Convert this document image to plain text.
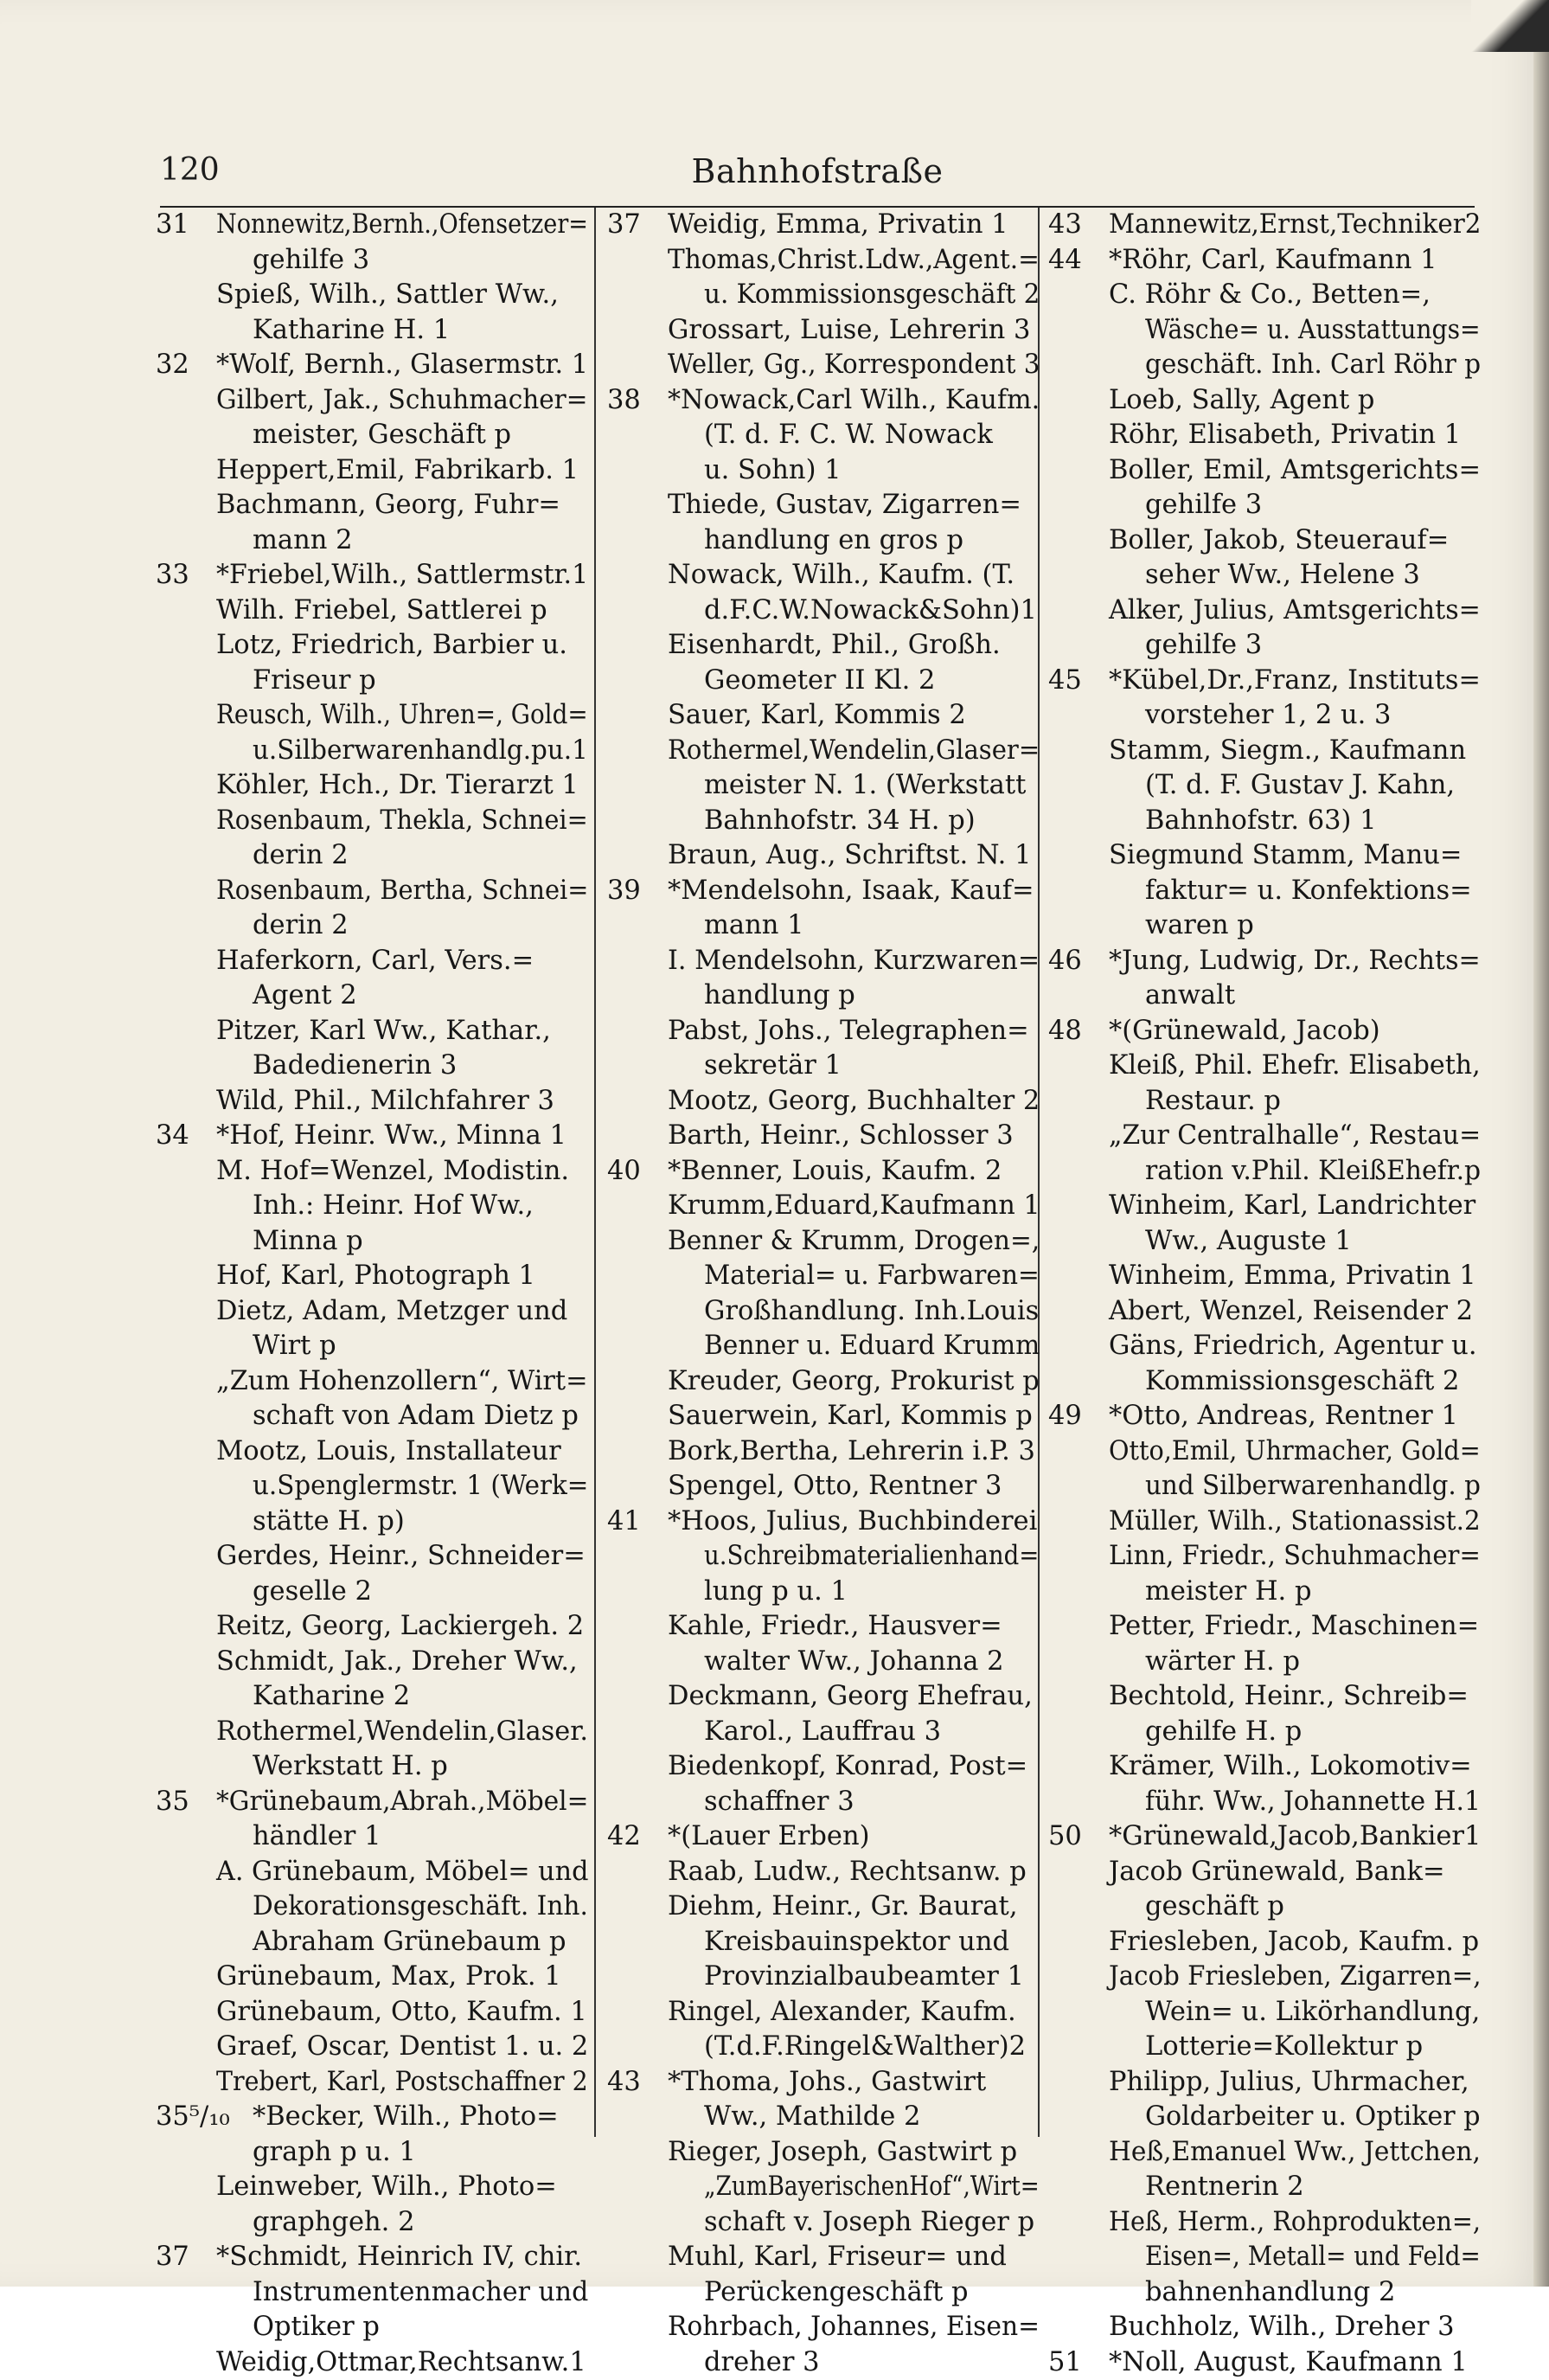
120	Bahnhofstraße
31	Nonnewitz,Bernh.,Ofensetzer=
gehilfe 3
Spieß, Wilh., Sattler Ww.,
Katharine H. 1
32	*Wolf, Bernh., Glasermstr. 1
Gilbert, Jak., Schuhmacher=
meister, Geschäft p
Heppert,Emil, Fabrikarb. 1
Bachmann, Georg, Fuhr=
mann 2
33	*Friebel,Wilh., Sattlermstr.1
Wilh. Friebel, Sattlerei p
Lotz, Friedrich, Barbier u.
Friseur p
Reusch, Wilh., Uhren=, Gold=
u.Silberwarenhandlg.pu.1
Köhler, Hch., Dr. Tierarzt 1
Rosenbaum, Thekla, Schnei=
derin 2
Rosenbaum, Bertha, Schnei=
derin 2
Haferkorn, Carl, Vers.=
Agent 2
Pitzer, Karl Ww., Kathar.,
Badedienerin 3
Wild, Phil., Milchfahrer 3
34	*Hof, Heinr. Ww., Minna 1
M. Hof=Wenzel, Modistin.
Inh.: Heinr. Hof Ww.,
Minna p
Hof, Karl, Photograph 1
Dietz, Adam, Metzger und
Wirt p
„Zum Hohenzollern“, Wirt=
schaft von Adam Dietz p
Mootz, Louis, Installateur
u.Spenglermstr. 1 (Werk=
stätte H. p)
Gerdes, Heinr., Schneider=
geselle 2
Reitz, Georg, Lackiergeh. 2
Schmidt, Jak., Dreher Ww.,
Katharine 2
Rothermel,Wendelin,Glaser.
Werkstatt H. p
35	*Grünebaum,Abrah.,Möbel=
händler 1
A. Grünebaum, Möbel= und
Dekorationsgeschäft. Inh.
Abraham Grünebaum p
Grünebaum, Max, Prok. 1
Grünebaum, Otto, Kaufm. 1
Graef, Oscar, Dentist 1. u. 2
Trebert, Karl, Postschaffner 2
35⁵/₁₀ *Becker, Wilh., Photo=
graph p u. 1
Leinweber, Wilh., Photo=
graphgeh. 2
37	*Schmidt, Heinrich IV, chir.
Instrumentenmacher und
Optiker p
Weidig,Ottmar,Rechtsanw.1
37	Weidig, Emma, Privatin 1
Thomas,Christ.Ldw.,Agent.=
u. Kommissionsgeschäft 2
Grossart, Luise, Lehrerin 3
Weller, Gg., Korrespondent 3
38	*Nowack,Carl Wilh., Kaufm.
(T. d. F. C. W. Nowack
u. Sohn) 1
Thiede, Gustav, Zigarren=
handlung en gros p
Nowack, Wilh., Kaufm. (T.
d.F.C.W.Nowack&Sohn)1
Eisenhardt, Phil., Großh.
Geometer II Kl. 2
Sauer, Karl, Kommis 2
Rothermel,Wendelin,Glaser=
meister N. 1. (Werkstatt
Bahnhofstr. 34 H. p)
Braun, Aug., Schriftst. N. 1
39	*Mendelsohn, Isaak, Kauf=
mann 1
I. Mendelsohn, Kurzwaren=
handlung p
Pabst, Johs., Telegraphen=
sekretär 1
Mootz, Georg, Buchhalter 2
Barth, Heinr., Schlosser 3
40	*Benner, Louis, Kaufm. 2
Krumm,Eduard,Kaufmann 1
Benner & Krumm, Drogen=,
Material= u. Farbwaren=
Großhandlung. Inh.Louis
Benner u. Eduard Krumm
Kreuder, Georg, Prokurist p
Sauerwein, Karl, Kommis p
Bork,Bertha, Lehrerin i.P. 3
Spengel, Otto, Rentner 3
41	*Hoos, Julius, Buchbinderei
u.Schreibmaterialienhand=
lung p u. 1
Kahle, Friedr., Hausver=
walter Ww., Johanna 2
Deckmann, Georg Ehefrau,
Karol., Lauffrau 3
Biedenkopf, Konrad, Post=
schaffner 3
42	*(Lauer Erben)
Raab, Ludw., Rechtsanw. p
Diehm, Heinr., Gr. Baurat,
Kreisbauinspektor und
Provinzialbaubeamter 1
Ringel, Alexander, Kaufm.
(T.d.F.Ringel&Walther)2
43	*Thoma, Johs., Gastwirt
Ww., Mathilde 2
Rieger, Joseph, Gastwirt p
„ZumBayerischenHof“,Wirt=
schaft v. Joseph Rieger p
Muhl, Karl, Friseur= und
Perückengeschäft p
Rohrbach, Johannes, Eisen=
dreher 3
43	Mannewitz,Ernst,Techniker2
44	*Röhr, Carl, Kaufmann 1
C. Röhr & Co., Betten=,
Wäsche= u. Ausstattungs=
geschäft. Inh. Carl Röhr p
Loeb, Sally, Agent p
Röhr, Elisabeth, Privatin 1
Boller, Emil, Amtsgerichts=
gehilfe 3
Boller, Jakob, Steuerauf=
seher Ww., Helene 3
Alker, Julius, Amtsgerichts=
gehilfe 3
45	*Kübel,Dr.,Franz, Instituts=
vorsteher 1, 2 u. 3
Stamm, Siegm., Kaufmann
(T. d. F. Gustav J. Kahn,
Bahnhofstr. 63) 1
Siegmund Stamm, Manu=
faktur= u. Konfektions=
waren p
46	*Jung, Ludwig, Dr., Rechts=
anwalt
48	*(Grünewald, Jacob)
Kleiß, Phil. Ehefr. Elisabeth,
Restaur. p
„Zur Centralhalle“, Restau=
ration v.Phil. KleißEhefr.p
Winheim, Karl, Landrichter
Ww., Auguste 1
Winheim, Emma, Privatin 1
Abert, Wenzel, Reisender 2
Gäns, Friedrich, Agentur u.
Kommissionsgeschäft 2
49	*Otto, Andreas, Rentner 1
Otto,Emil, Uhrmacher, Gold=
und Silberwarenhandlg. p
Müller, Wilh., Stationassist.2
Linn, Friedr., Schuhmacher=
meister H. p
Petter, Friedr., Maschinen=
wärter H. p
Bechtold, Heinr., Schreib=
gehilfe H. p
Krämer, Wilh., Lokomotiv=
führ. Ww., Johannette H.1
50	*Grünewald,Jacob,Bankier1
Jacob Grünewald, Bank=
geschäft p
Friesleben, Jacob, Kaufm. p
Jacob Friesleben, Zigarren=,
Wein= u. Likörhandlung,
Lotterie=Kollektur p
Philipp, Julius, Uhrmacher,
Goldarbeiter u. Optiker p
Heß,Emanuel Ww., Jettchen,
Rentnerin 2
Heß, Herm., Rohprodukten=,
Eisen=, Metall= und Feld=
bahnenhandlung 2
Buchholz, Wilh., Dreher 3
51	*Noll, August, Kaufmann 1
